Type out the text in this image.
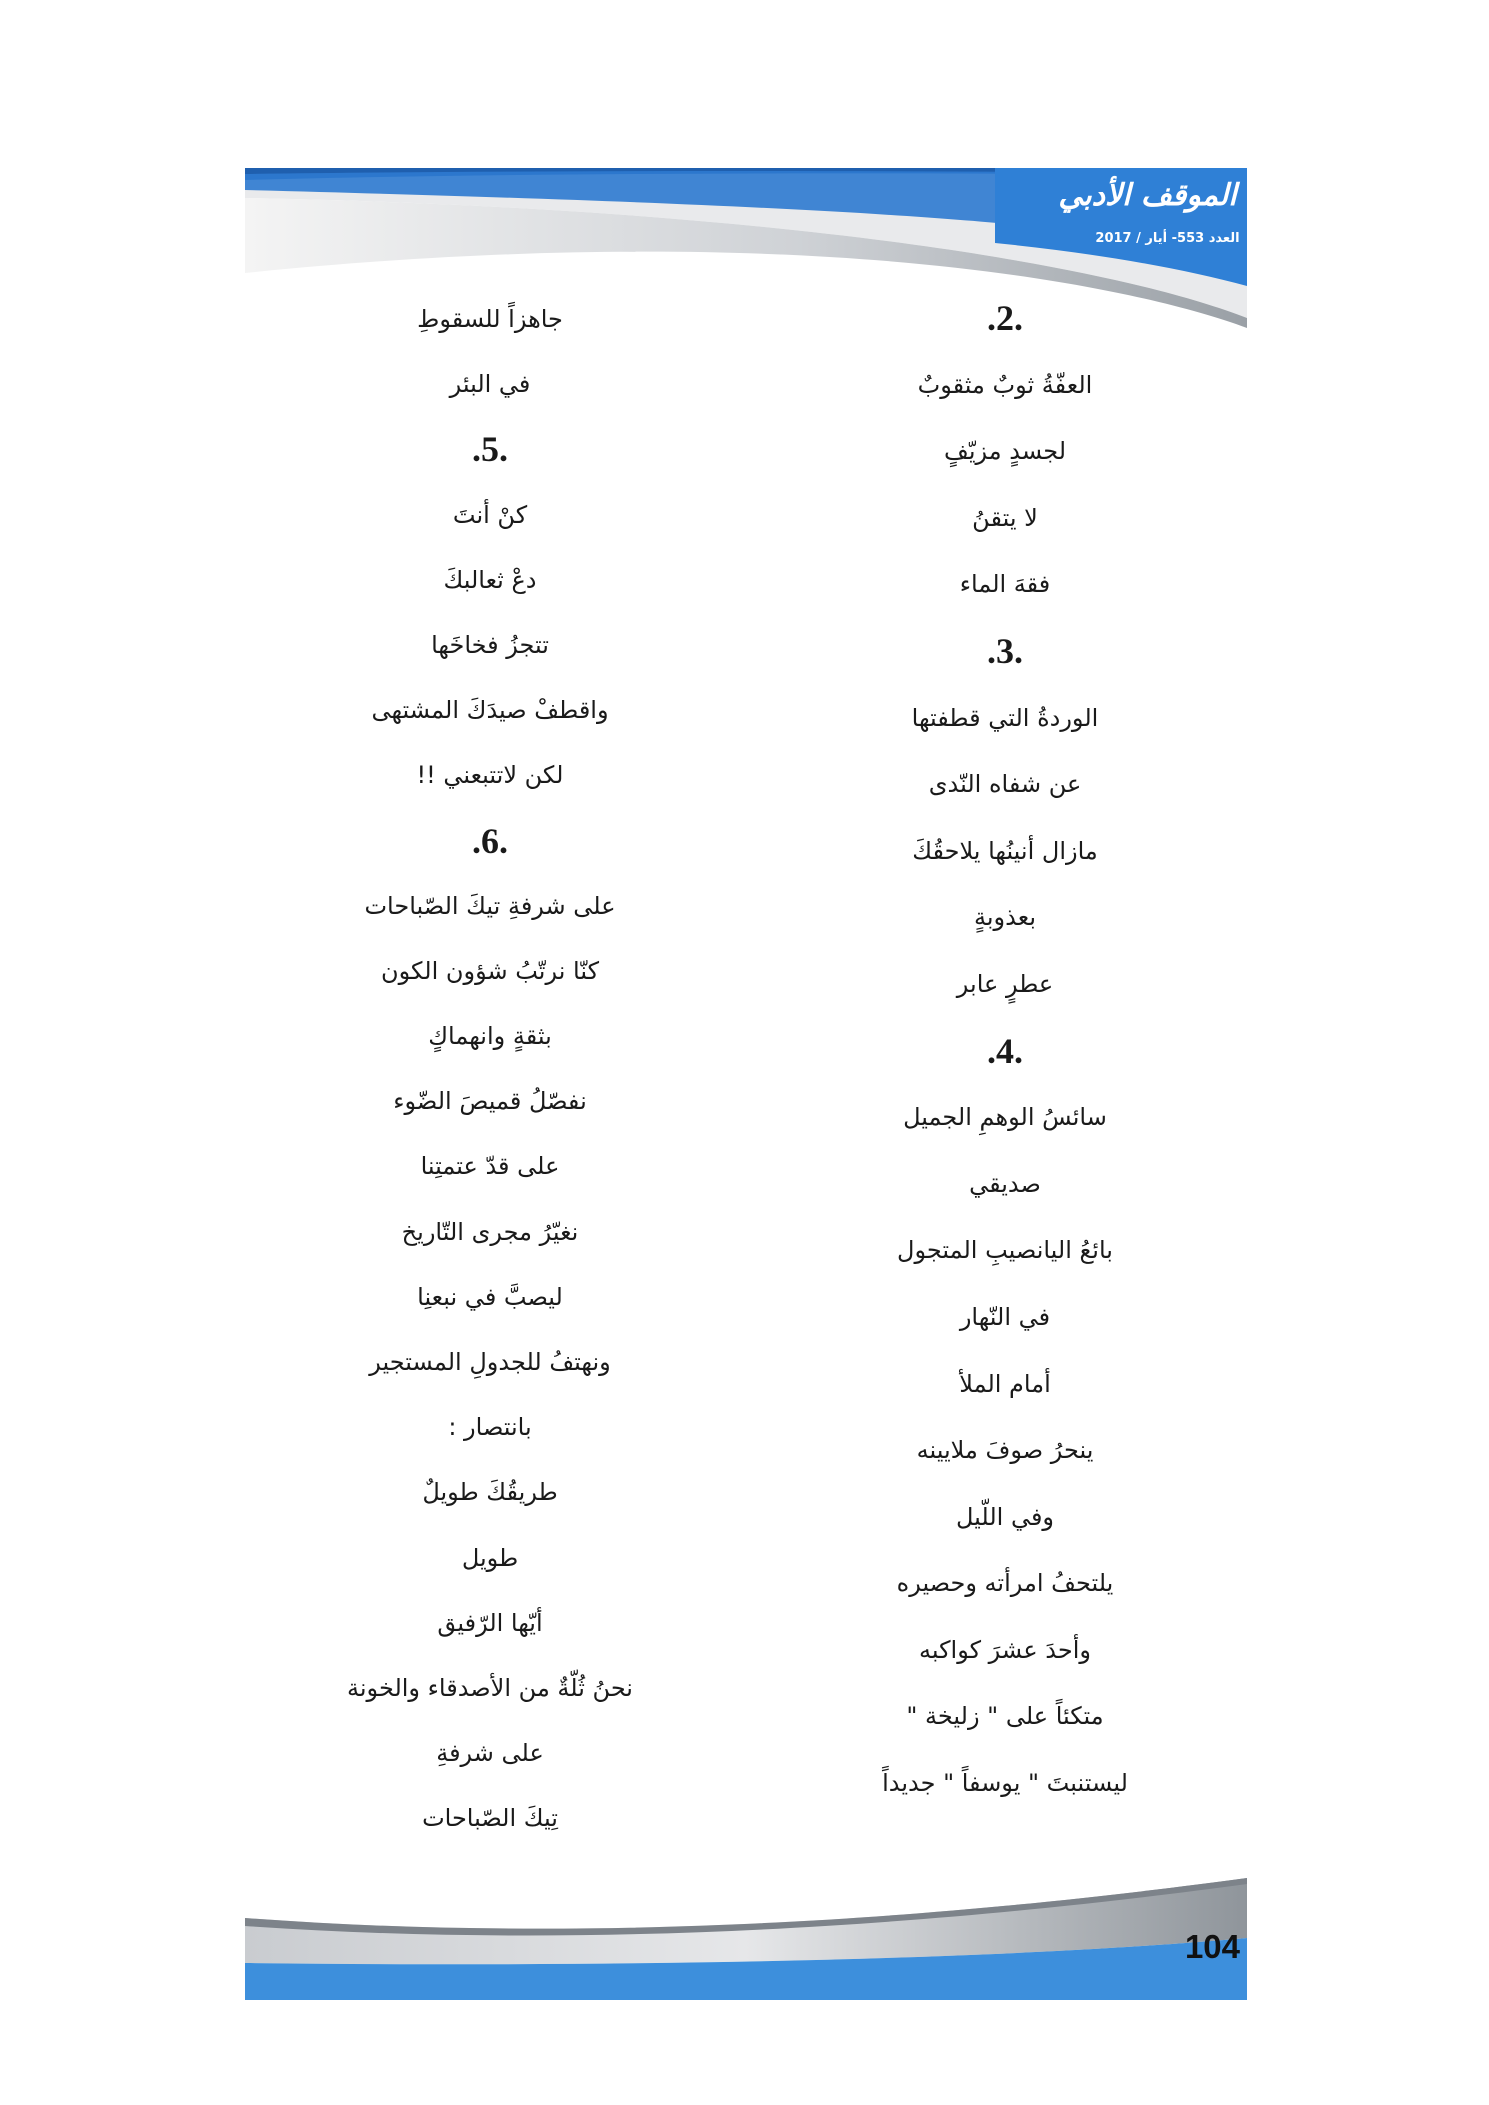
الموقف الأدبي
العدد 553- أيار / 2017
.2.
العفّةُ ثوبٌ مثقوبٌ
لجسدٍ مزيّفٍ
لا يتقنُ
فقهَ الماء
.3.
الوردةُ التي قطفتها
عن شفاه النّدى
مازال أنينُها يلاحقُكَ
بعذوبةٍ
عطرٍ عابر
.4.
سائسُ الوهمِ الجميل
صديقي
بائعُ اليانصيبِ المتجول
في النّهار
أمام الملأ
ينحرُ صوفَ ملايينه
وفي اللّيل
يلتحفُ امرأته وحصيره
وأحدَ عشرَ كواكبه
متكئاً على " زليخة "
ليستنبتَ " يوسفاً " جديداً
جاهزاً للسقوطِ
في البئر
.5.
كنْ أنتَ
دعْ ثعالبكَ
تتجزُ فخاخَها
واقطفْ صيدَكَ المشتهى
لكن لاتتبعني !!
.6.
على شرفةِ تيكَ الصّباحات
كنّا نرتّبُ شؤون الكون
بثقةٍ وانهماكٍ
نفصّلُ قميصَ الضّوء
على قدّ عتمتِنا
نغيّرُ مجرى التّاريخ
ليصبَّ في نبعنِا
ونهتفُ للجدولِ المستجير
بانتصار :
طريقُكَ طويلٌ
طويل
أيّها الرّفيق
نحنُ ثُلّةٌ من الأصدقاء والخونة
على شرفةِ
تِيكَ الصّباحات
104
